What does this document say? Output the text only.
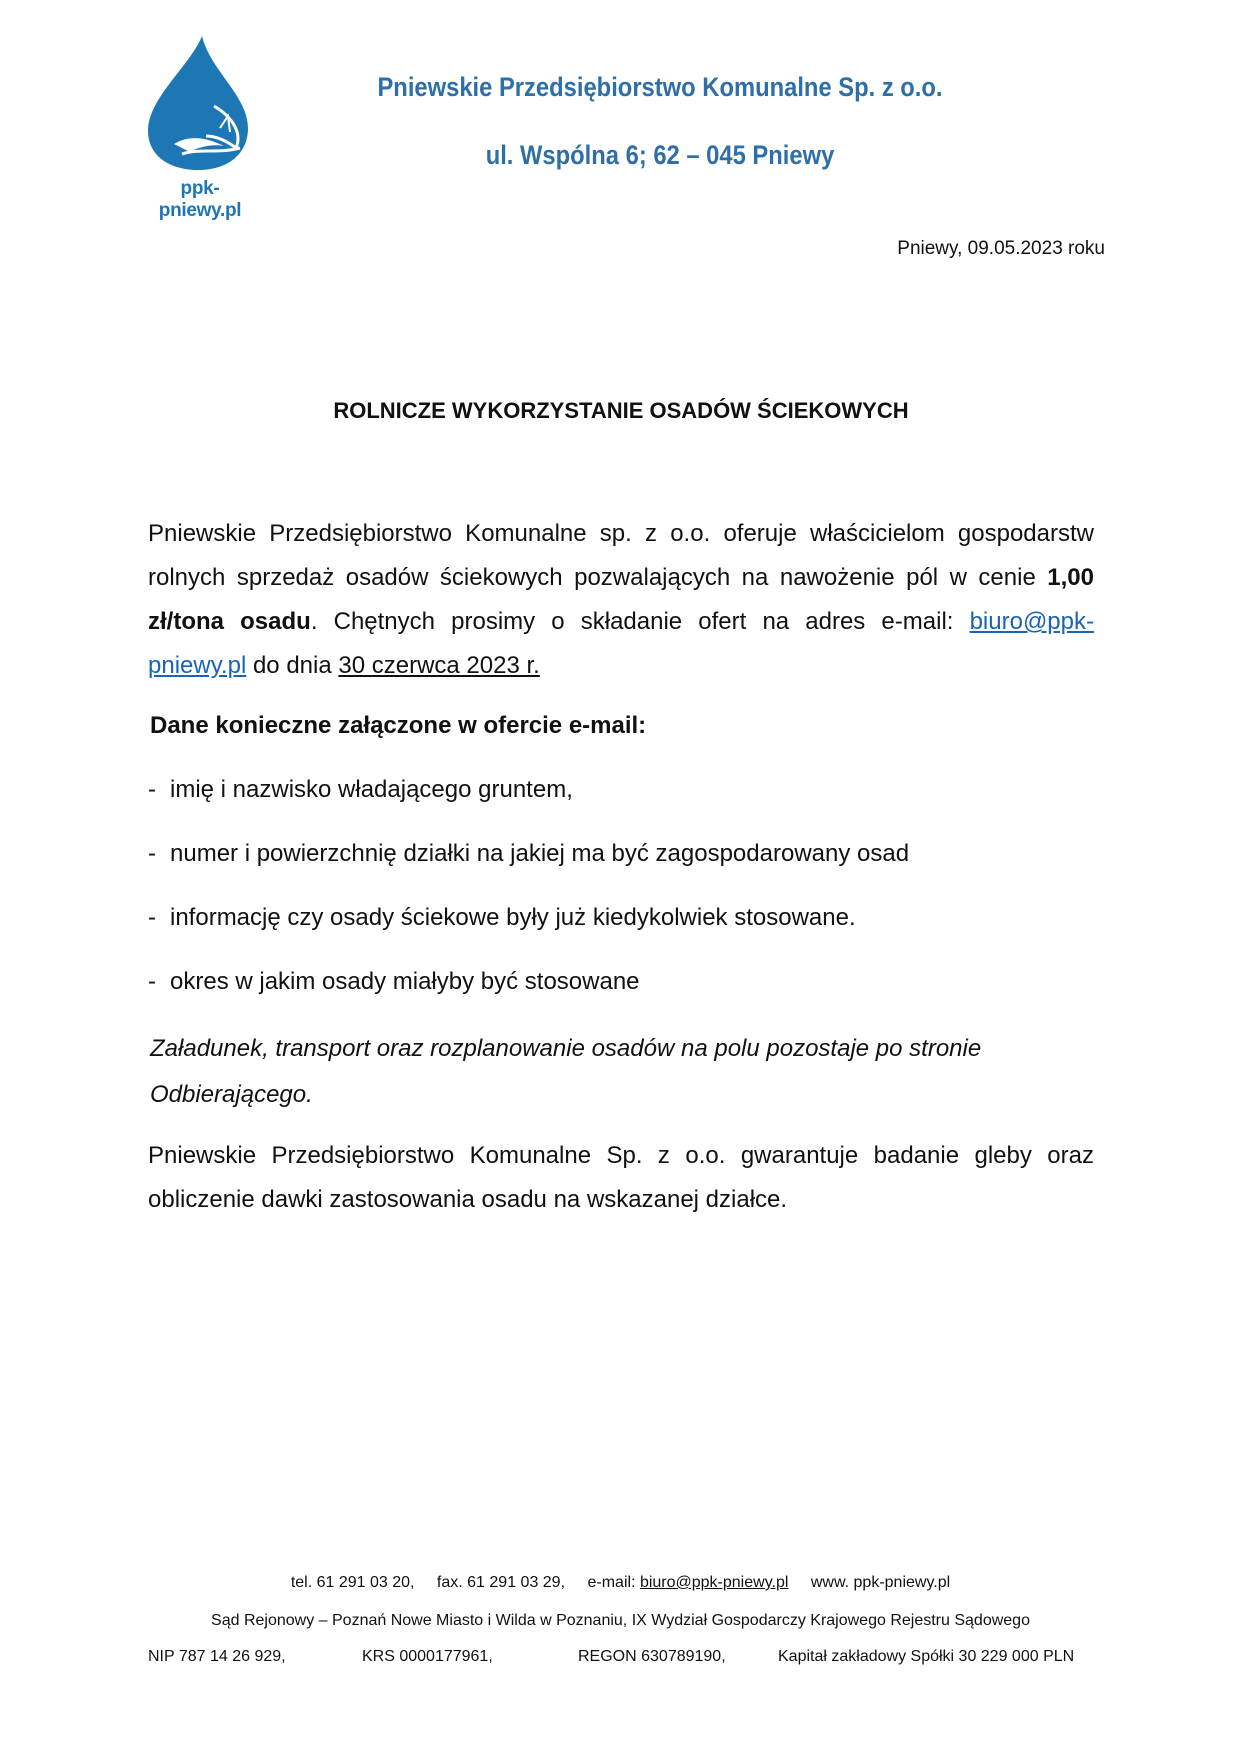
ppk-pniewy.pl
Pniewskie Przedsiębiorstwo Komunalne Sp. z o.o.
ul. Wspólna 6; 62 – 045 Pniewy
Pniewy, 09.05.2023 roku
ROLNICZE WYKORZYSTANIE OSADÓW ŚCIEKOWYCH
Pniewskie Przedsiębiorstwo Komunalne sp. z o.o. oferuje właścicielom gospodarstw rolnych sprzedaż osadów ściekowych pozwalających na nawożenie pól w cenie 1,00 zł/tona osadu. Chętnych prosimy o składanie ofert na adres e-mail: biuro@ppk-pniewy.pl do dnia 30 czerwca 2023 r.
Dane konieczne załączone w ofercie e-mail:
- imię i nazwisko władającego gruntem,
- numer i powierzchnię działki na jakiej ma być zagospodarowany osad
- informację czy osady ściekowe były już kiedykolwiek stosowane.
- okres w jakim osady miałyby być stosowane
Załadunek, transport oraz rozplanowanie osadów na polu pozostaje po stronie Odbierającego.
Pniewskie Przedsiębiorstwo Komunalne Sp. z o.o. gwarantuje badanie gleby oraz obliczenie dawki zastosowania osadu na wskazanej działce.
tel. 61 291 03 20, fax. 61 291 03 29, e-mail: biuro@ppk-pniewy.pl www. ppk-pniewy.pl
Sąd Rejonowy – Poznań Nowe Miasto i Wilda w Poznaniu, IX Wydział Gospodarczy Krajowego Rejestru Sądowego
NIP 787 14 26 929,	KRS 0000177961,	REGON 630789190,	Kapitał zakładowy Spółki 30 229 000 PLN
